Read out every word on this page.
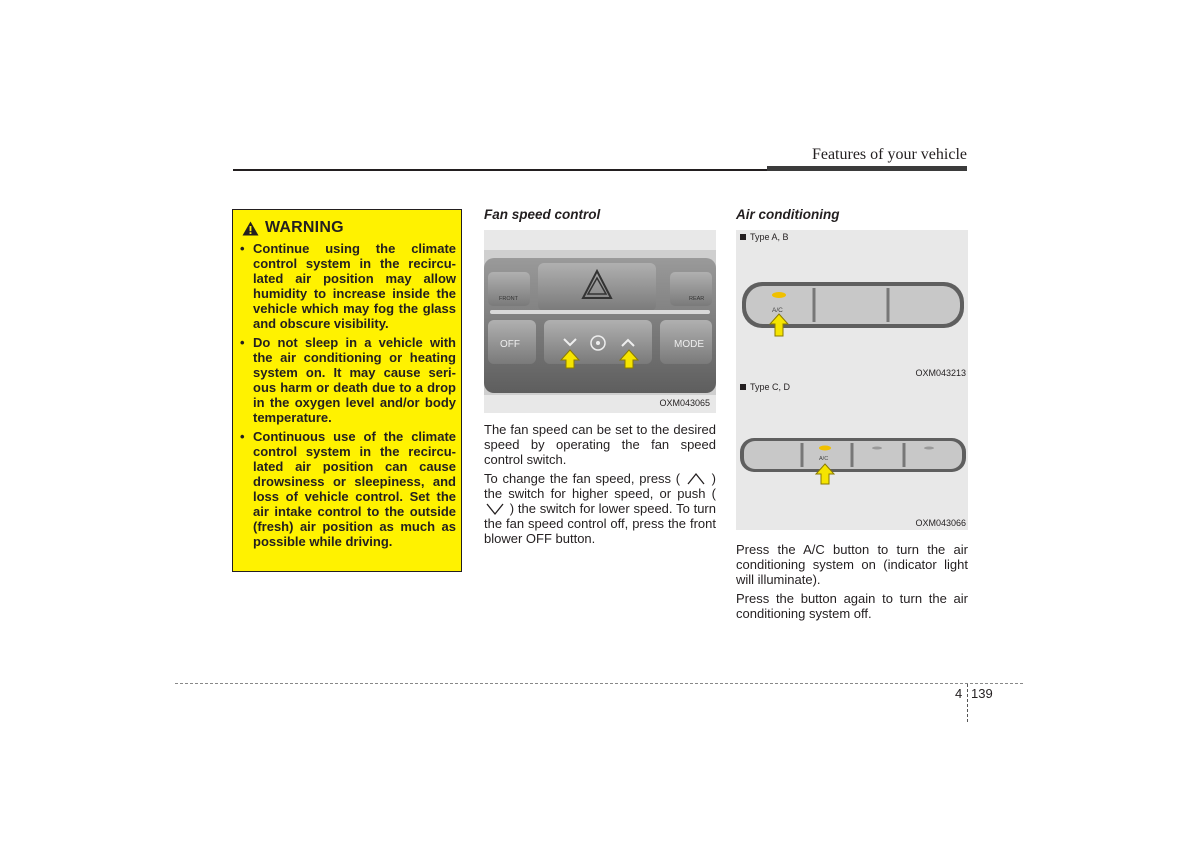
Features of your vehicle
WARNING
• Continue using the climate control system in the recircu-lated air position may allow humidity to increase inside the vehicle which may fog the glass and obscure visibility.
• Do not sleep in a vehicle with the air conditioning or heating system on. It may cause seri-ous harm or death due to a drop in the oxygen level and/or body temperature.
• Continuous use of the climate control system in the recircu-lated air position can cause drowsiness or sleepiness, and loss of vehicle control. Set the air intake control to the outside (fresh) air position as much as possible while driving.
Fan speed control
FRONT	REAR
OFF	MODE
OXM043065

The fan speed can be set to the desired speed by operating the fan speed control switch.

To change the fan speed, press ( ) the switch for higher speed, or push (  ) the switch for lower speed. To turn the fan speed control off, press the front blower OFF button.

Air conditioning
Type A, B
A/C
OXM043213
Type C, D
A/C
OXM043066

Press the A/C button to turn the air conditioning system on (indicator light will illuminate).

Press the button again to turn the air conditioning system off.

4 139
